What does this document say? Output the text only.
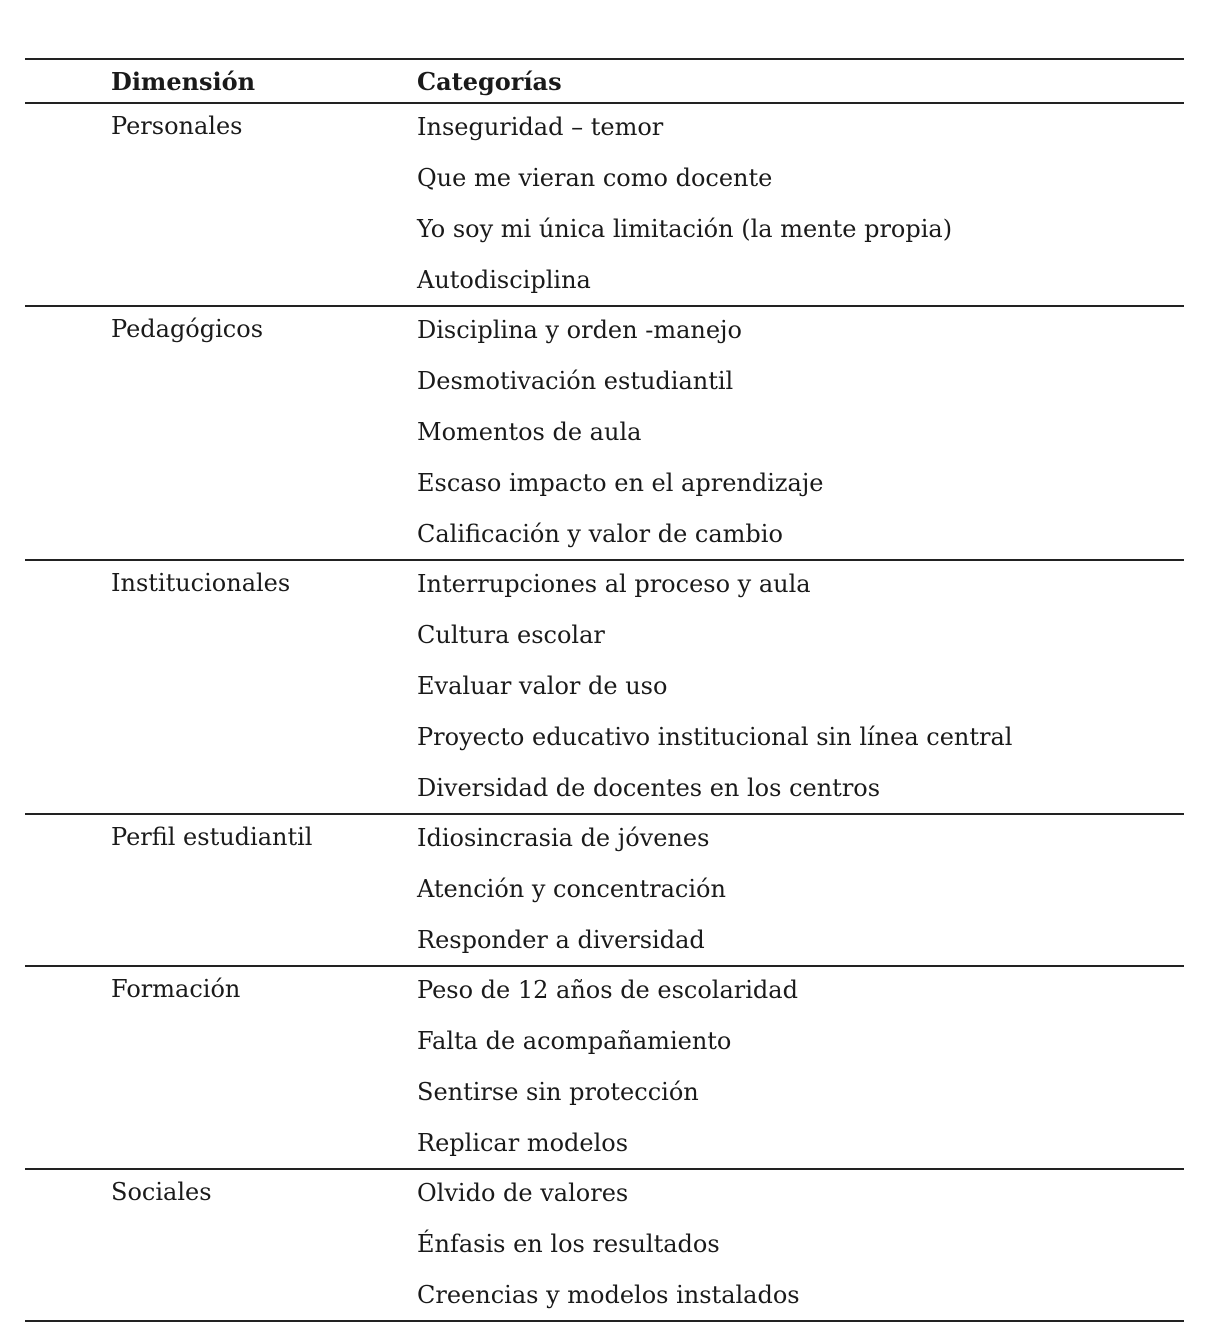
Dimensión	Categorías
Personales	Inseguridad – temor
Que me vieran como docente
Yo soy mi única limitación (la mente propia)
Autodisciplina
Pedagógicos	Disciplina y orden -manejo
Desmotivación estudiantil
Momentos de aula
Escaso impacto en el aprendizaje
Calificación y valor de cambio
Institucionales	Interrupciones al proceso y aula
Cultura escolar
Evaluar valor de uso
Proyecto educativo institucional sin línea central
Diversidad de docentes en los centros
Perfil estudiantil	Idiosincrasia de jóvenes
Atención y concentración
Responder a diversidad
Formación	Peso de 12 años de escolaridad
Falta de acompañamiento
Sentirse sin protección
Replicar modelos
Sociales	Olvido de valores
Énfasis en los resultados
Creencias y modelos instalados
